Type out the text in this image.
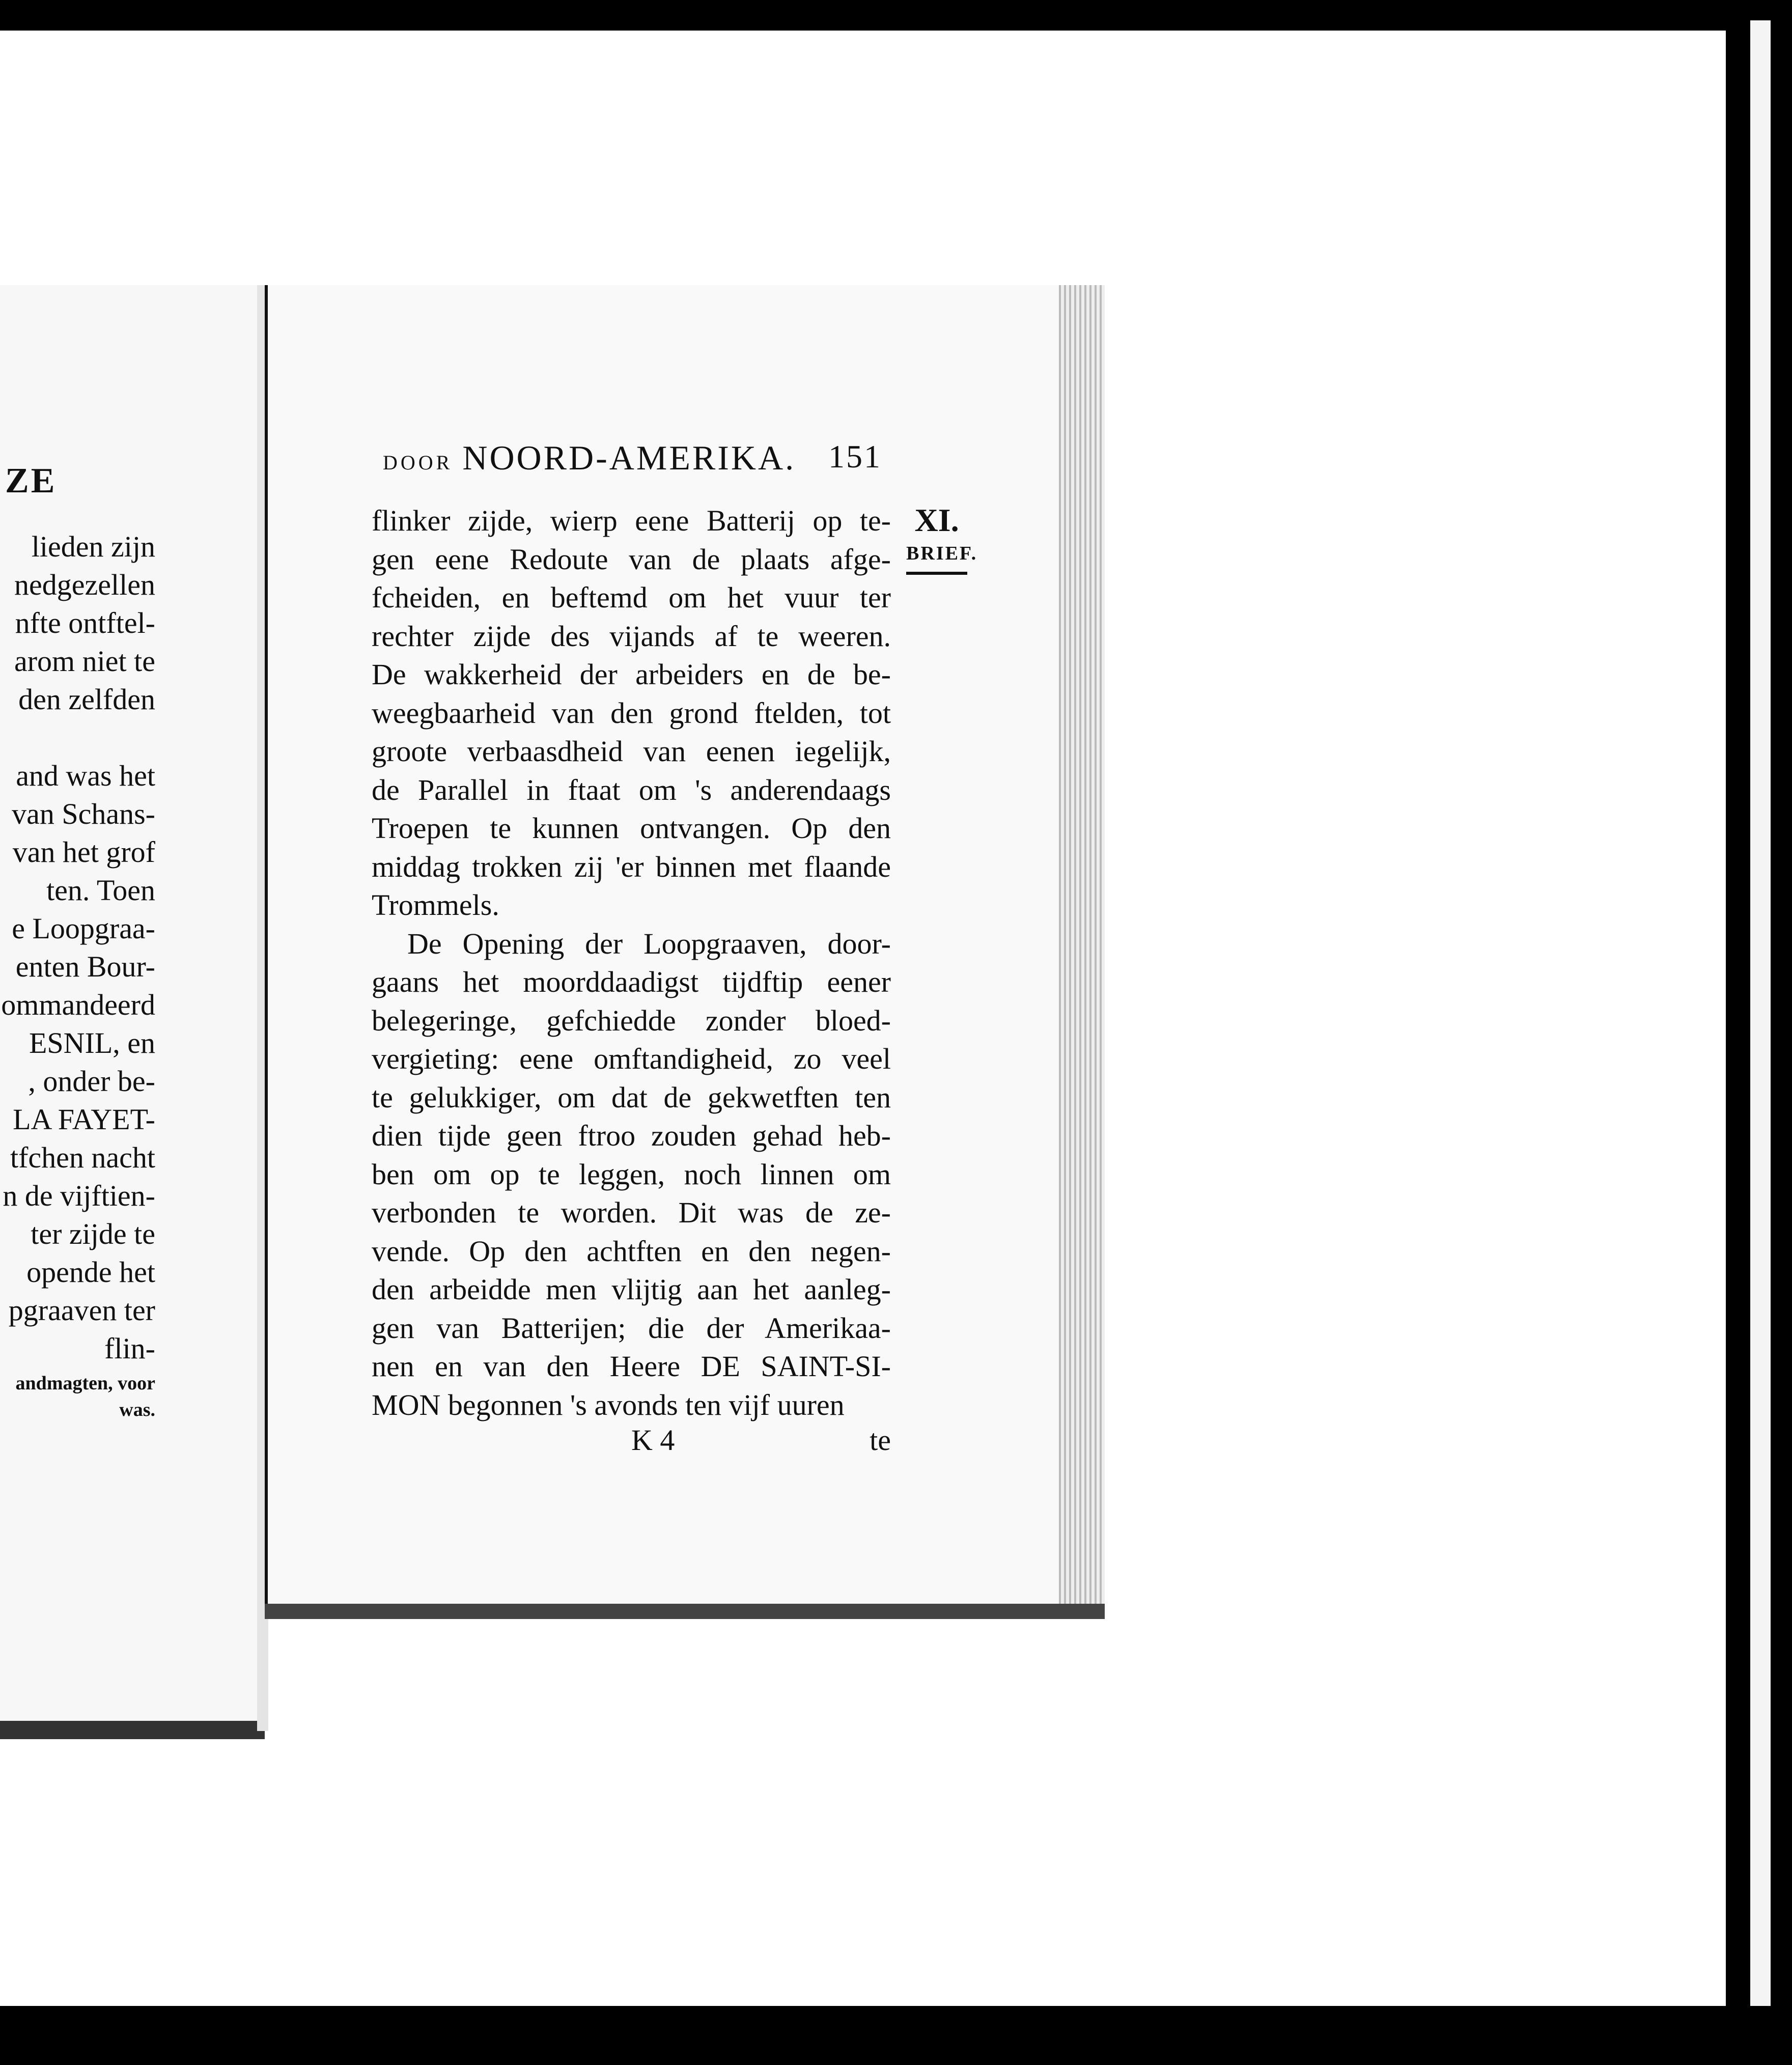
ZE
lieden zijn
nedgezellen
nfte ontftel-
arom niet te
den zelfden
and was het
van Schans-
van het grof
ten. Toen
e Loopgraa-
enten Bour-
ommandeerd
ESNIL, en
, onder be-
LA FAYET-
tfchen nacht
n de vijftien-
ter zijde te
opende het
pgraaven ter
flin-
andmagten, voor
was.
DOOR NOORD-AMERIKA. 151
XI.
BRIEF.
flinker zijde, wierp eene Batterij op te-
gen eene Redoute van de plaats afge-
fcheiden, en beftemd om het vuur ter
rechter zijde des vijands af te weeren.
De wakkerheid der arbeiders en de be-
weegbaarheid van den grond ftelden, tot
groote verbaasdheid van eenen iegelijk,
de Parallel in ftaat om 's anderendaags
Troepen te kunnen ontvangen. Op den
middag trokken zij 'er binnen met flaande
Trommels.
De Opening der Loopgraaven, door-
gaans het moorddaadigst tijdftip eener
belegeringe, gefchiedde zonder bloed-
vergieting: eene omftandigheid, zo veel
te gelukkiger, om dat de gekwetften ten
dien tijde geen ftroo zouden gehad heb-
ben om op te leggen, noch linnen om
verbonden te worden. Dit was de ze-
vende. Op den achtften en den negen-
den arbeidde men vlijtig aan het aanleg-
gen van Batterijen; die der Amerikaa-
nen en van den Heere DE SAINT-SI-
MON begonnen 's avonds ten vijf uuren
K 4	te
